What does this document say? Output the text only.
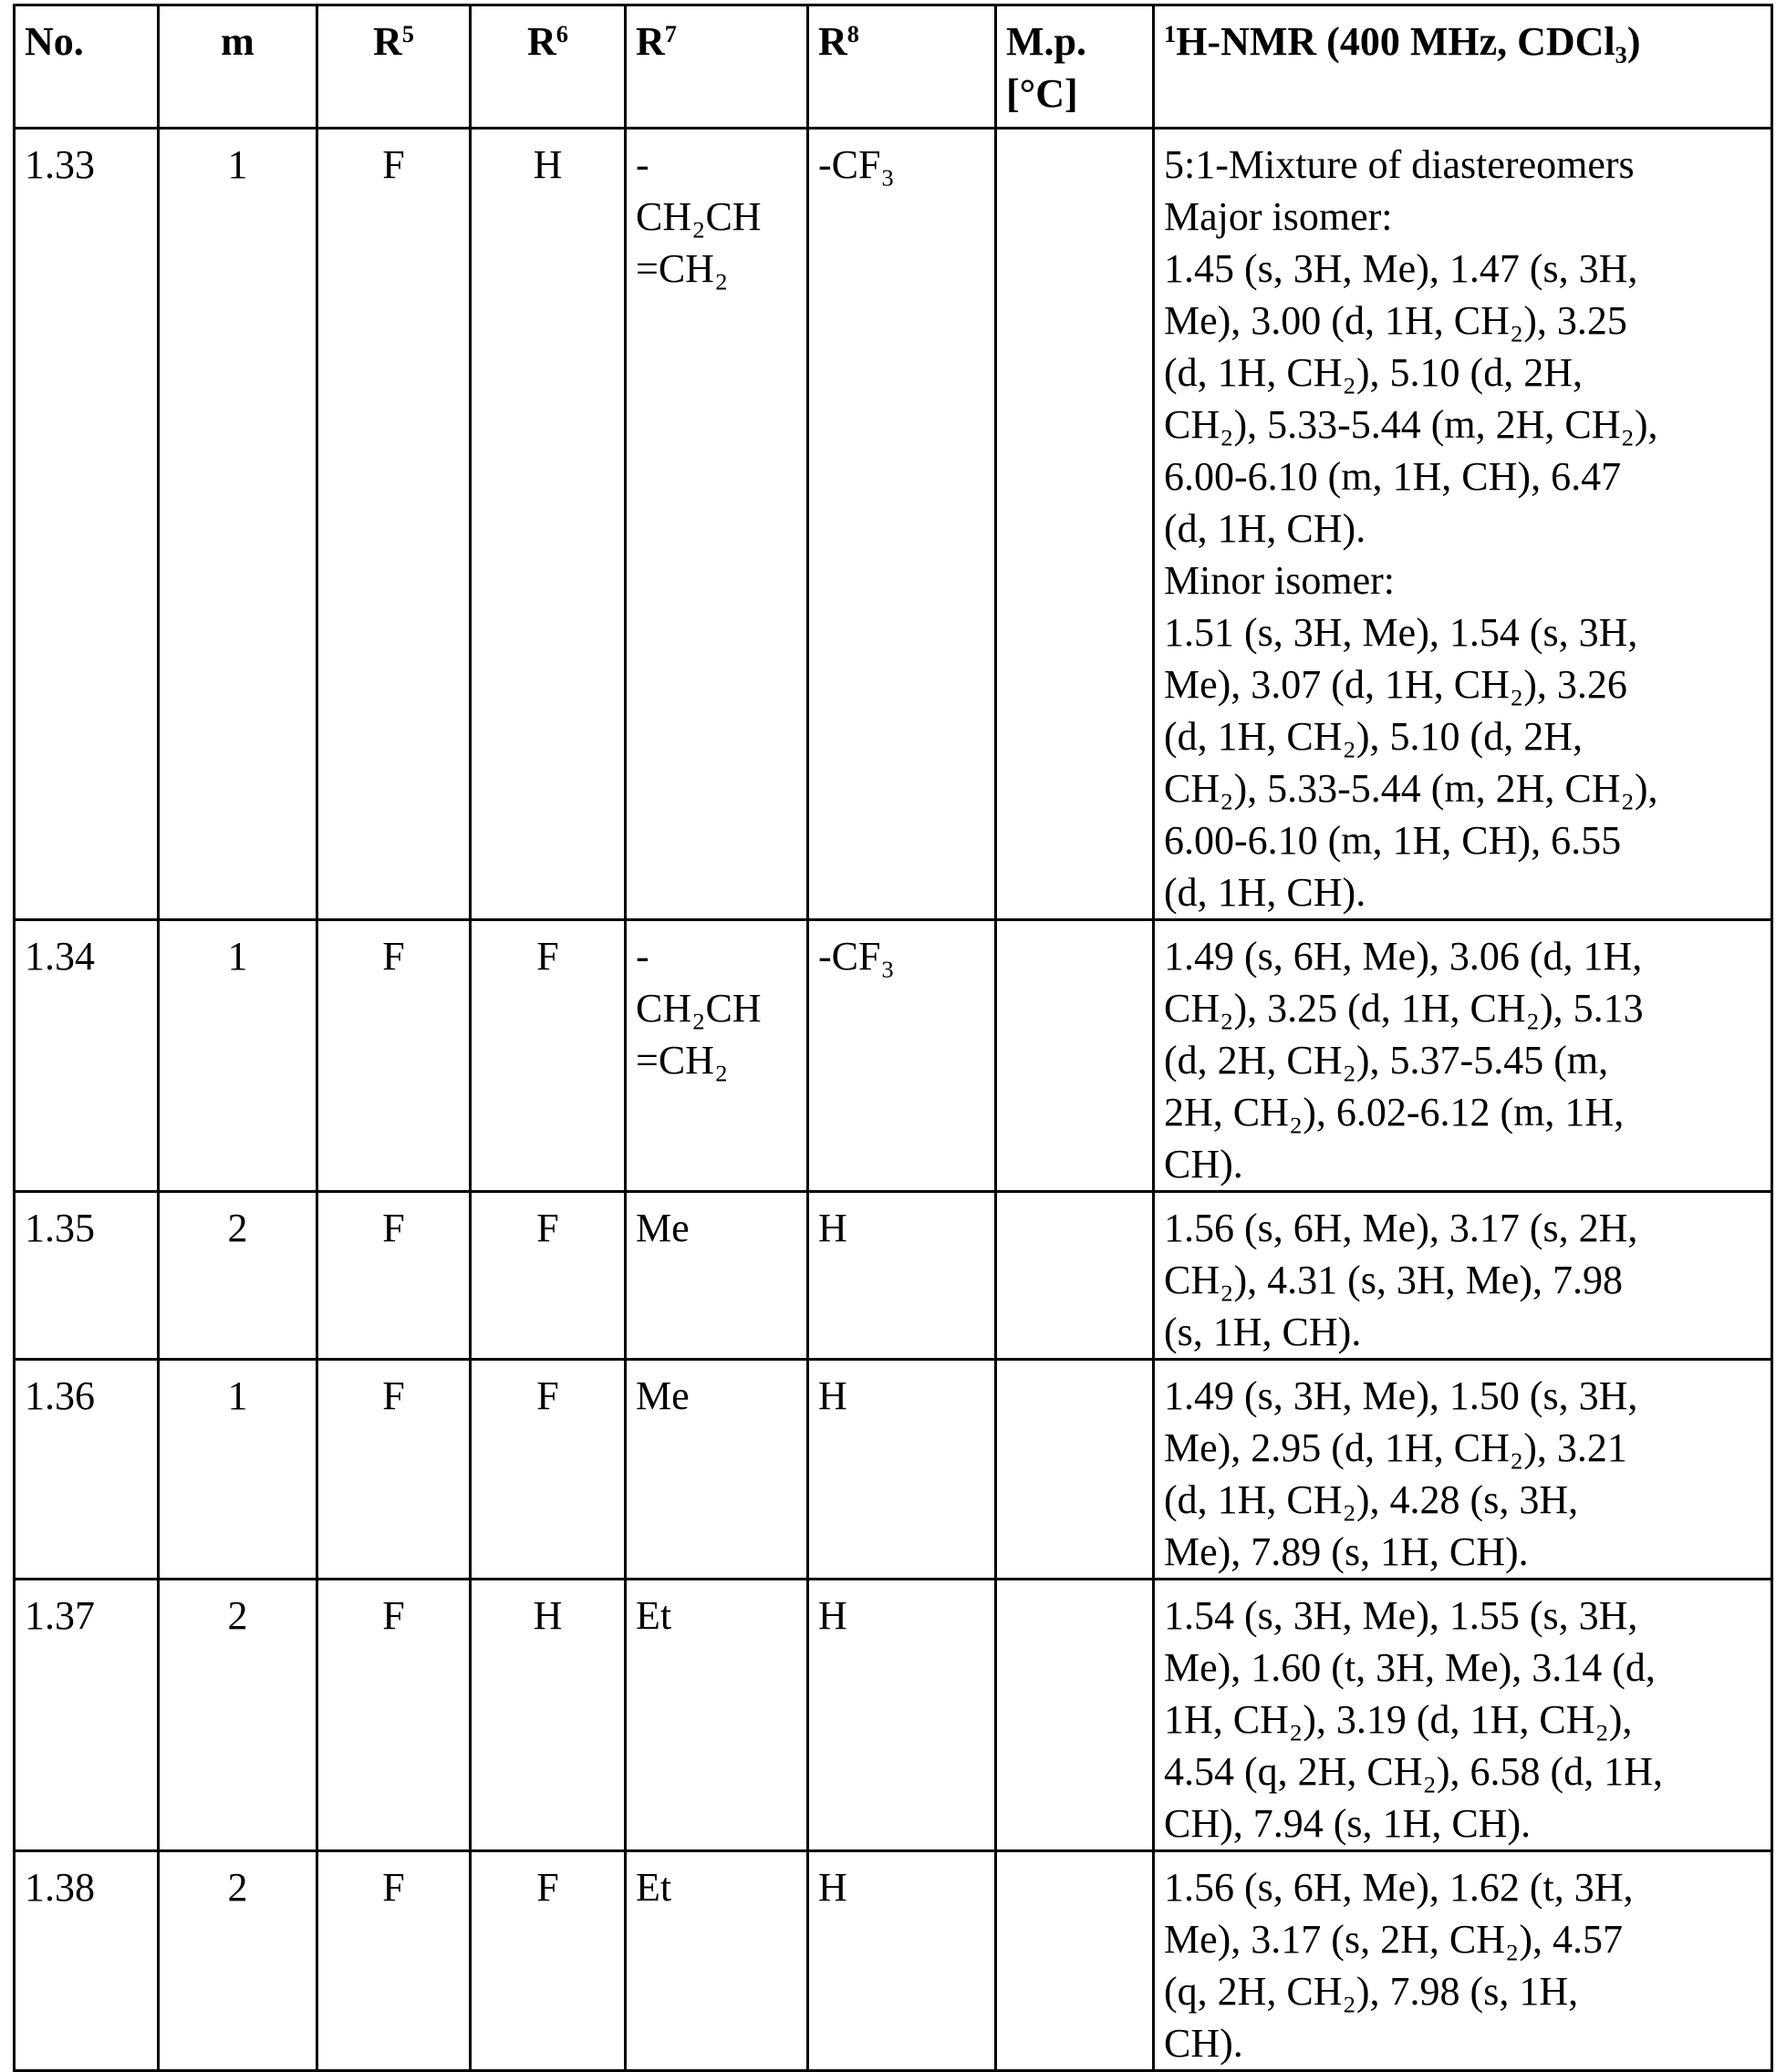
No.	m	R5	R6	R7	R8	M.p. [°C]	1H-NMR (400 MHz, CDCl₃)
1.33	1	F	H	-
CH₂CH
=CH₂
	-CF₃		5:1-Mixture of diastereomers
Major isomer:
1.45 (s, 3H, Me), 1.47 (s, 3H,
Me), 3.00 (d, 1H, CH₂), 3.25
(d, 1H, CH₂), 5.10 (d, 2H,
CH₂), 5.33-5.44 (m, 2H, CH₂),
6.00-6.10 (m, 1H, CH), 6.47
(d, 1H, CH).
Minor isomer:
1.51 (s, 3H, Me), 1.54 (s, 3H,
Me), 3.07 (d, 1H, CH₂), 3.26
(d, 1H, CH₂), 5.10 (d, 2H,
CH₂), 5.33-5.44 (m, 2H, CH₂),
6.00-6.10 (m, 1H, CH), 6.55
(d, 1H, CH).

1.34	1	F	F	-
CH₂CH
=CH₂
	-CF₃		1.49 (s, 6H, Me), 3.06 (d, 1H,
CH₂), 3.25 (d, 1H, CH₂), 5.13
(d, 2H, CH₂), 5.37-5.45 (m,
2H, CH₂), 6.02-6.12 (m, 1H,
CH).

1.35	2	F	F	Me	H		1.56 (s, 6H, Me), 3.17 (s, 2H,
CH₂), 4.31 (s, 3H, Me), 7.98
(s, 1H, CH).

1.36	1	F	F	Me	H		1.49 (s, 3H, Me), 1.50 (s, 3H,
Me), 2.95 (d, 1H, CH₂), 3.21
(d, 1H, CH₂), 4.28 (s, 3H,
Me), 7.89 (s, 1H, CH).

1.37	2	F	H	Et	H		1.54 (s, 3H, Me), 1.55 (s, 3H,
Me), 1.60 (t, 3H, Me), 3.14 (d,
1H, CH₂), 3.19 (d, 1H, CH₂),
4.54 (q, 2H, CH₂), 6.58 (d, 1H,
CH), 7.94 (s, 1H, CH).

1.38	2	F	F	Et	H		1.56 (s, 6H, Me), 1.62 (t, 3H,
Me), 3.17 (s, 2H, CH₂), 4.57
(q, 2H, CH₂), 7.98 (s, 1H,
CH).
